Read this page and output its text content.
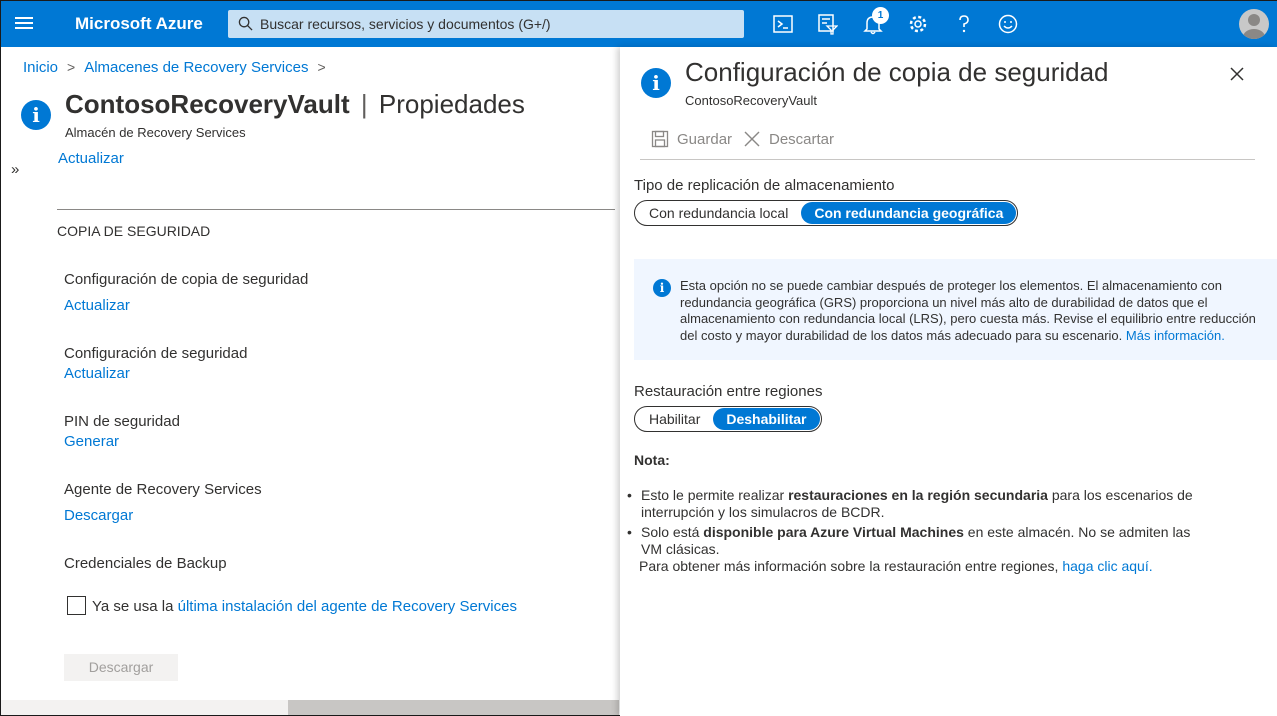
Microsoft Azure
Buscar recursos, servicios y documentos (G+/)	1
Inicio > Almacenes de Recovery Services >
i ContosoRecoveryVault | Propiedades
Almacén de Recovery Services
»
Actualizar
COPIA DE SEGURIDAD
Configuración de copia de seguridad
Actualizar
Configuración de seguridad
Actualizar
PIN de seguridad
Generar
Agente de Recovery Services
Descargar
Credenciales de Backup
Ya se usa la última instalación del agente de Recovery Services
Descargar
i Configuración de copia de seguridad
ContosoRecoveryVault
Guardar Descartar
Tipo de replicación de almacenamiento
Con redundancia local	Con redundancia geográfica
i	Esta opción no se puede cambiar después de proteger los elementos. El almacenamiento con redundancia geográfica (GRS) proporciona un nivel más alto de durabilidad de datos que el almacenamiento con redundancia local (LRS), pero cuesta más. Revise el equilibrio entre reducción del costo y mayor durabilidad de los datos más adecuado para su escenario. Más información.
Restauración entre regiones
Habilitar	Deshabilitar
Nota:
• Esto le permite realizar restauraciones en la región secundaria para los escenarios de interrupción y los simulacros de BCDR.
• Solo está disponible para Azure Virtual Machines en este almacén. No se admiten las VM clásicas.
Para obtener más información sobre la restauración entre regiones, haga clic aquí.
